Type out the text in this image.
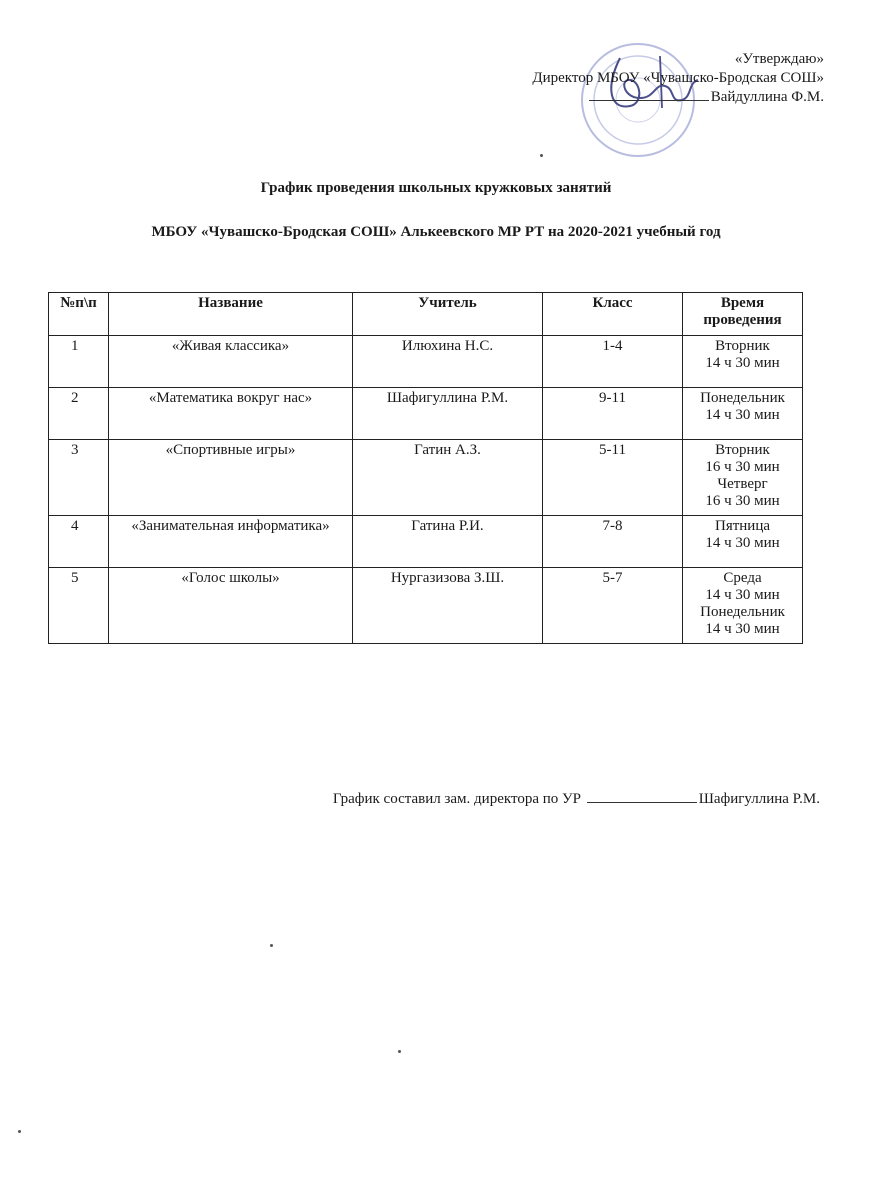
«Утверждаю»
Директор МБОУ «Чувашско-Бродская СОШ»
Вайдуллина Ф.М.
График проведения школьных кружковых занятий
МБОУ «Чувашско-Бродская СОШ» Алькеевского МР РТ на 2020-2021 учебный год
№п\п	Название	Учитель	Класс	Время
проведения
1	«Живая классика»	Илюхина Н.С.	1-4	Вторник
14 ч 30 мин
2	«Математика вокруг нас»	Шафигуллина Р.М.	9-11	Понедельник
14 ч 30 мин
3	«Спортивные игры»	Гатин А.З.	5-11	Вторник
16 ч 30 мин
Четверг
16 ч 30 мин
4	«Занимательная информатика»	Гатина Р.И.	7-8	Пятница
14 ч 30 мин
5	«Голос школы»	Нургазизова З.Ш.	5-7	Среда
14 ч 30 мин
Понедельник
14 ч 30 мин
График составил зам. директора по УР	Шафигуллина Р.М.
